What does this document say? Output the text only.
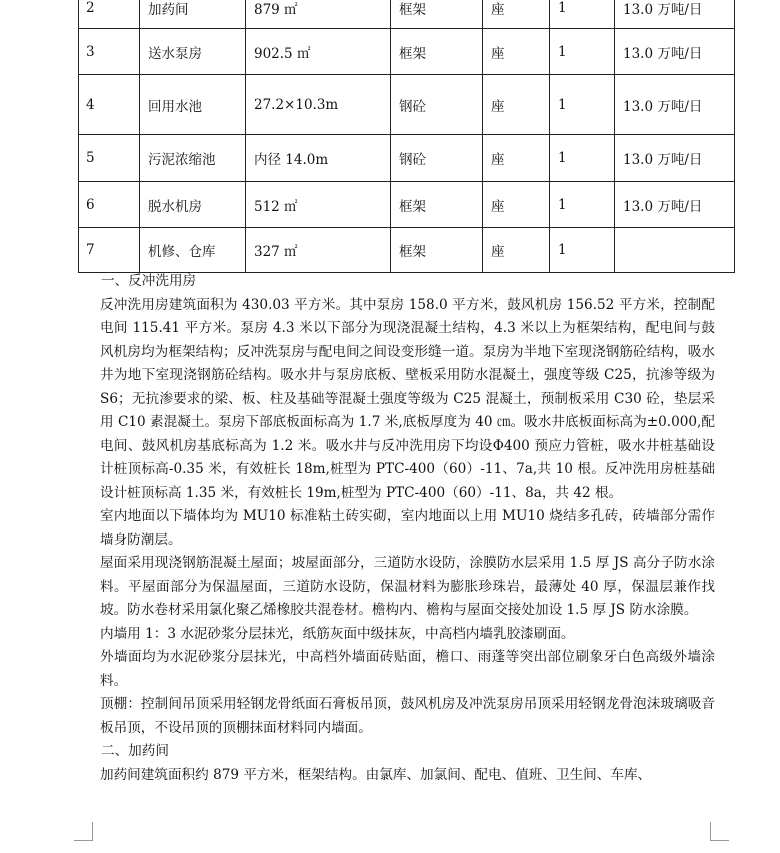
2	加药间	879 ㎡	框架	座	1	13.0 万吨/日
3	送水泵房	902.5 ㎡	框架	座	1	13.0 万吨/日
4	回用水池	27.2×10.3m	钢砼	座	1	13.0 万吨/日
5	污泥浓缩池	内径 14.0m	钢砼	座	1	13.0 万吨/日
6	脱水机房	512 ㎡	框架	座	1	13.0 万吨/日
7	机修、仓库	327 ㎡	框架	座	1	

一、反冲洗用房

反冲洗用房建筑面积为 430.03 平方米。其中泵房 158.0 平方米，鼓风机房 156.52 平方米，控制配电间 115.41 平方米。泵房 4.3 米以下部分为现浇混凝土结构，4.3 米以上为框架结构，配电间与鼓风机房均为框架结构；反冲洗泵房与配电间之间设变形缝一道。泵房为半地下室现浇钢筋砼结构，吸水井为地下室现浇钢筋砼结构。吸水井与泵房底板、壁板采用防水混凝土，强度等级 C25，抗渗等级为 S6；无抗渗要求的梁、板、柱及基础等混凝土强度等级为 C25 混凝土，预制板采用 C30 砼，垫层采用 C10 素混凝土。泵房下部底板面标高为 1.7 米,底板厚度为 40 ㎝。吸水井底板面标高为±0.000,配电间、鼓风机房基底标高为 1.2 米。吸水井与反冲洗用房下均设Φ400 预应力管桩，吸水井桩基础设计桩顶标高-0.35 米，有效桩长 18m,桩型为 PTC-400（60）-11、7a,共 10 根。反冲洗用房桩基础设计桩顶标高 1.35 米，有效桩长 19m,桩型为 PTC-400（60）-11、8a，共 42 根。

室内地面以下墙体均为 MU10 标准粘土砖实砌，室内地面以上用 MU10 烧结多孔砖，砖墙部分需作墙身防潮层。

屋面采用现浇钢筋混凝土屋面；坡屋面部分，三道防水设防，涂膜防水层采用 1.5 厚 JS 高分子防水涂料。平屋面部分为保温屋面，三道防水设防，保温材料为膨胀珍珠岩，最薄处 40 厚，保温层兼作找坡。防水卷材采用氯化聚乙烯橡胶共混卷材。檐构内、檐构与屋面交接处加设 1.5 厚 JS 防水涂膜。

内墙用 1：3 水泥砂浆分层抹光，纸筋灰面中级抹灰，中高档内墙乳胶漆刷面。

外墙面均为水泥砂浆分层抹光，中高档外墙面砖贴面，檐口、雨蓬等突出部位刷象牙白色高级外墙涂料。

顶棚：控制间吊顶采用轻钢龙骨纸面石膏板吊顶，鼓风机房及冲洗泵房吊顶采用轻钢龙骨泡沫玻璃吸音板吊顶，不设吊顶的顶棚抹面材料同内墙面。

二、加药间

加药间建筑面积约 879 平方米，框架结构。由氯库、加氯间、配电、值班、卫生间、车库、
